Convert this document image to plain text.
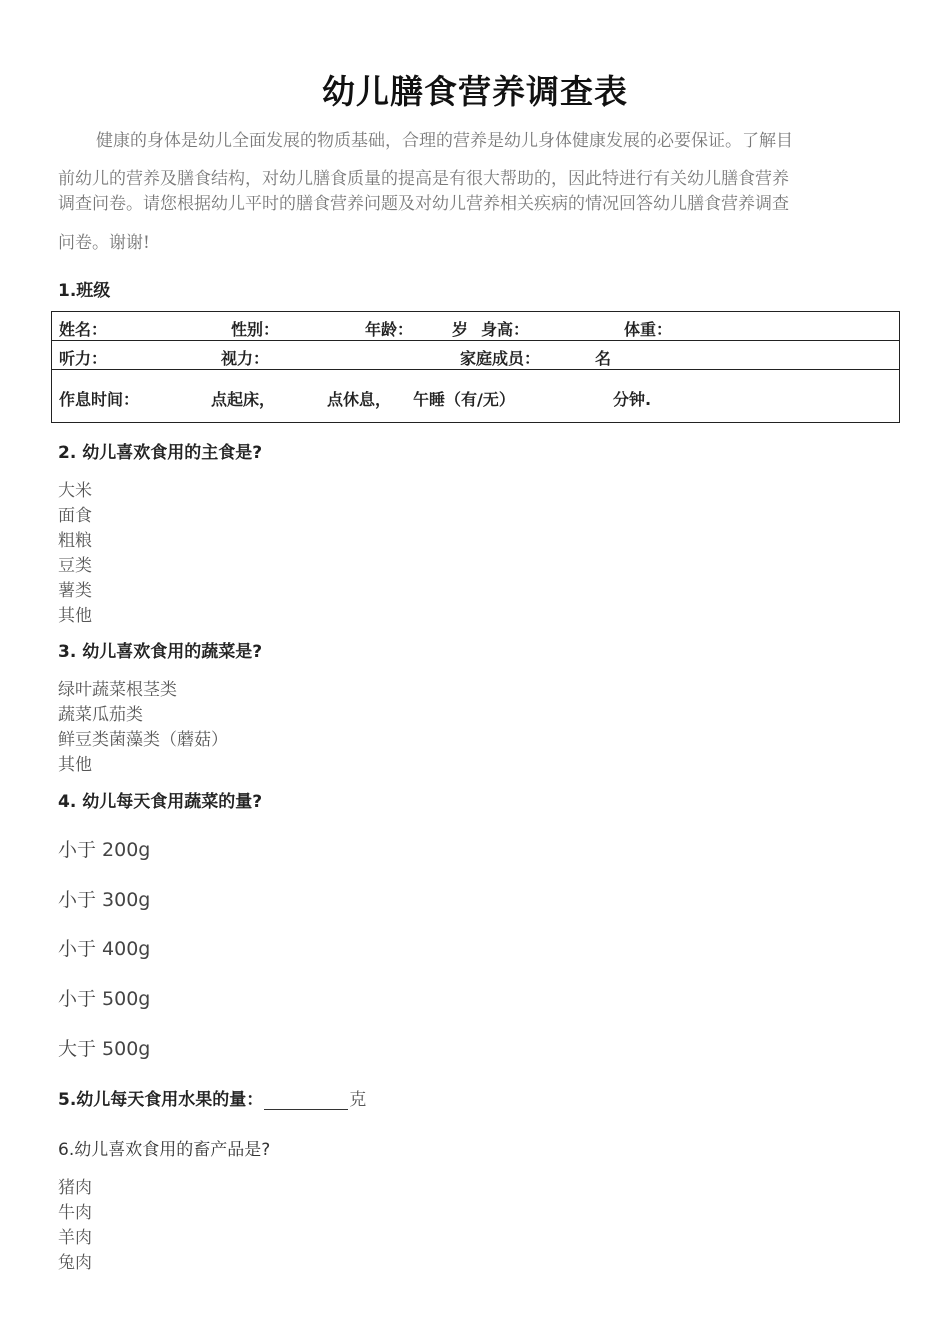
幼儿膳食营养调查表
健康的身体是幼儿全面发展的物质基础，合理的营养是幼儿身体健康发展的必要保证。了解目
前幼儿的营养及膳食结构，对幼儿膳食质量的提高是有很大帮助的，因此特进行有关幼儿膳食营养
调查问卷。请您根据幼儿平时的膳食营养问题及对幼儿营养相关疾病的情况回答幼儿膳食营养调查
问卷。谢谢!
1.班级
姓名：	性别：	年龄： 岁 身高：	体重：
听力：	视力：	家庭成员：	名
作息时间：	点起床，	点休息， 午睡（有/无）	分钟.
2. 幼儿喜欢食用的主食是?
大米
面食
粗粮
豆类
薯类
其他
3. 幼儿喜欢食用的蔬菜是?
绿叶蔬菜根茎类
蔬菜瓜茄类
鲜豆类菌藻类（蘑菇）
其他
4. 幼儿每天食用蔬菜的量?
小于 200g
小于 300g
小于 400g
小于 500g
大于 500g
5.幼儿每天食用水果的量：	克
6.幼儿喜欢食用的畜产品是?
猪肉
牛肉
羊肉
兔肉
